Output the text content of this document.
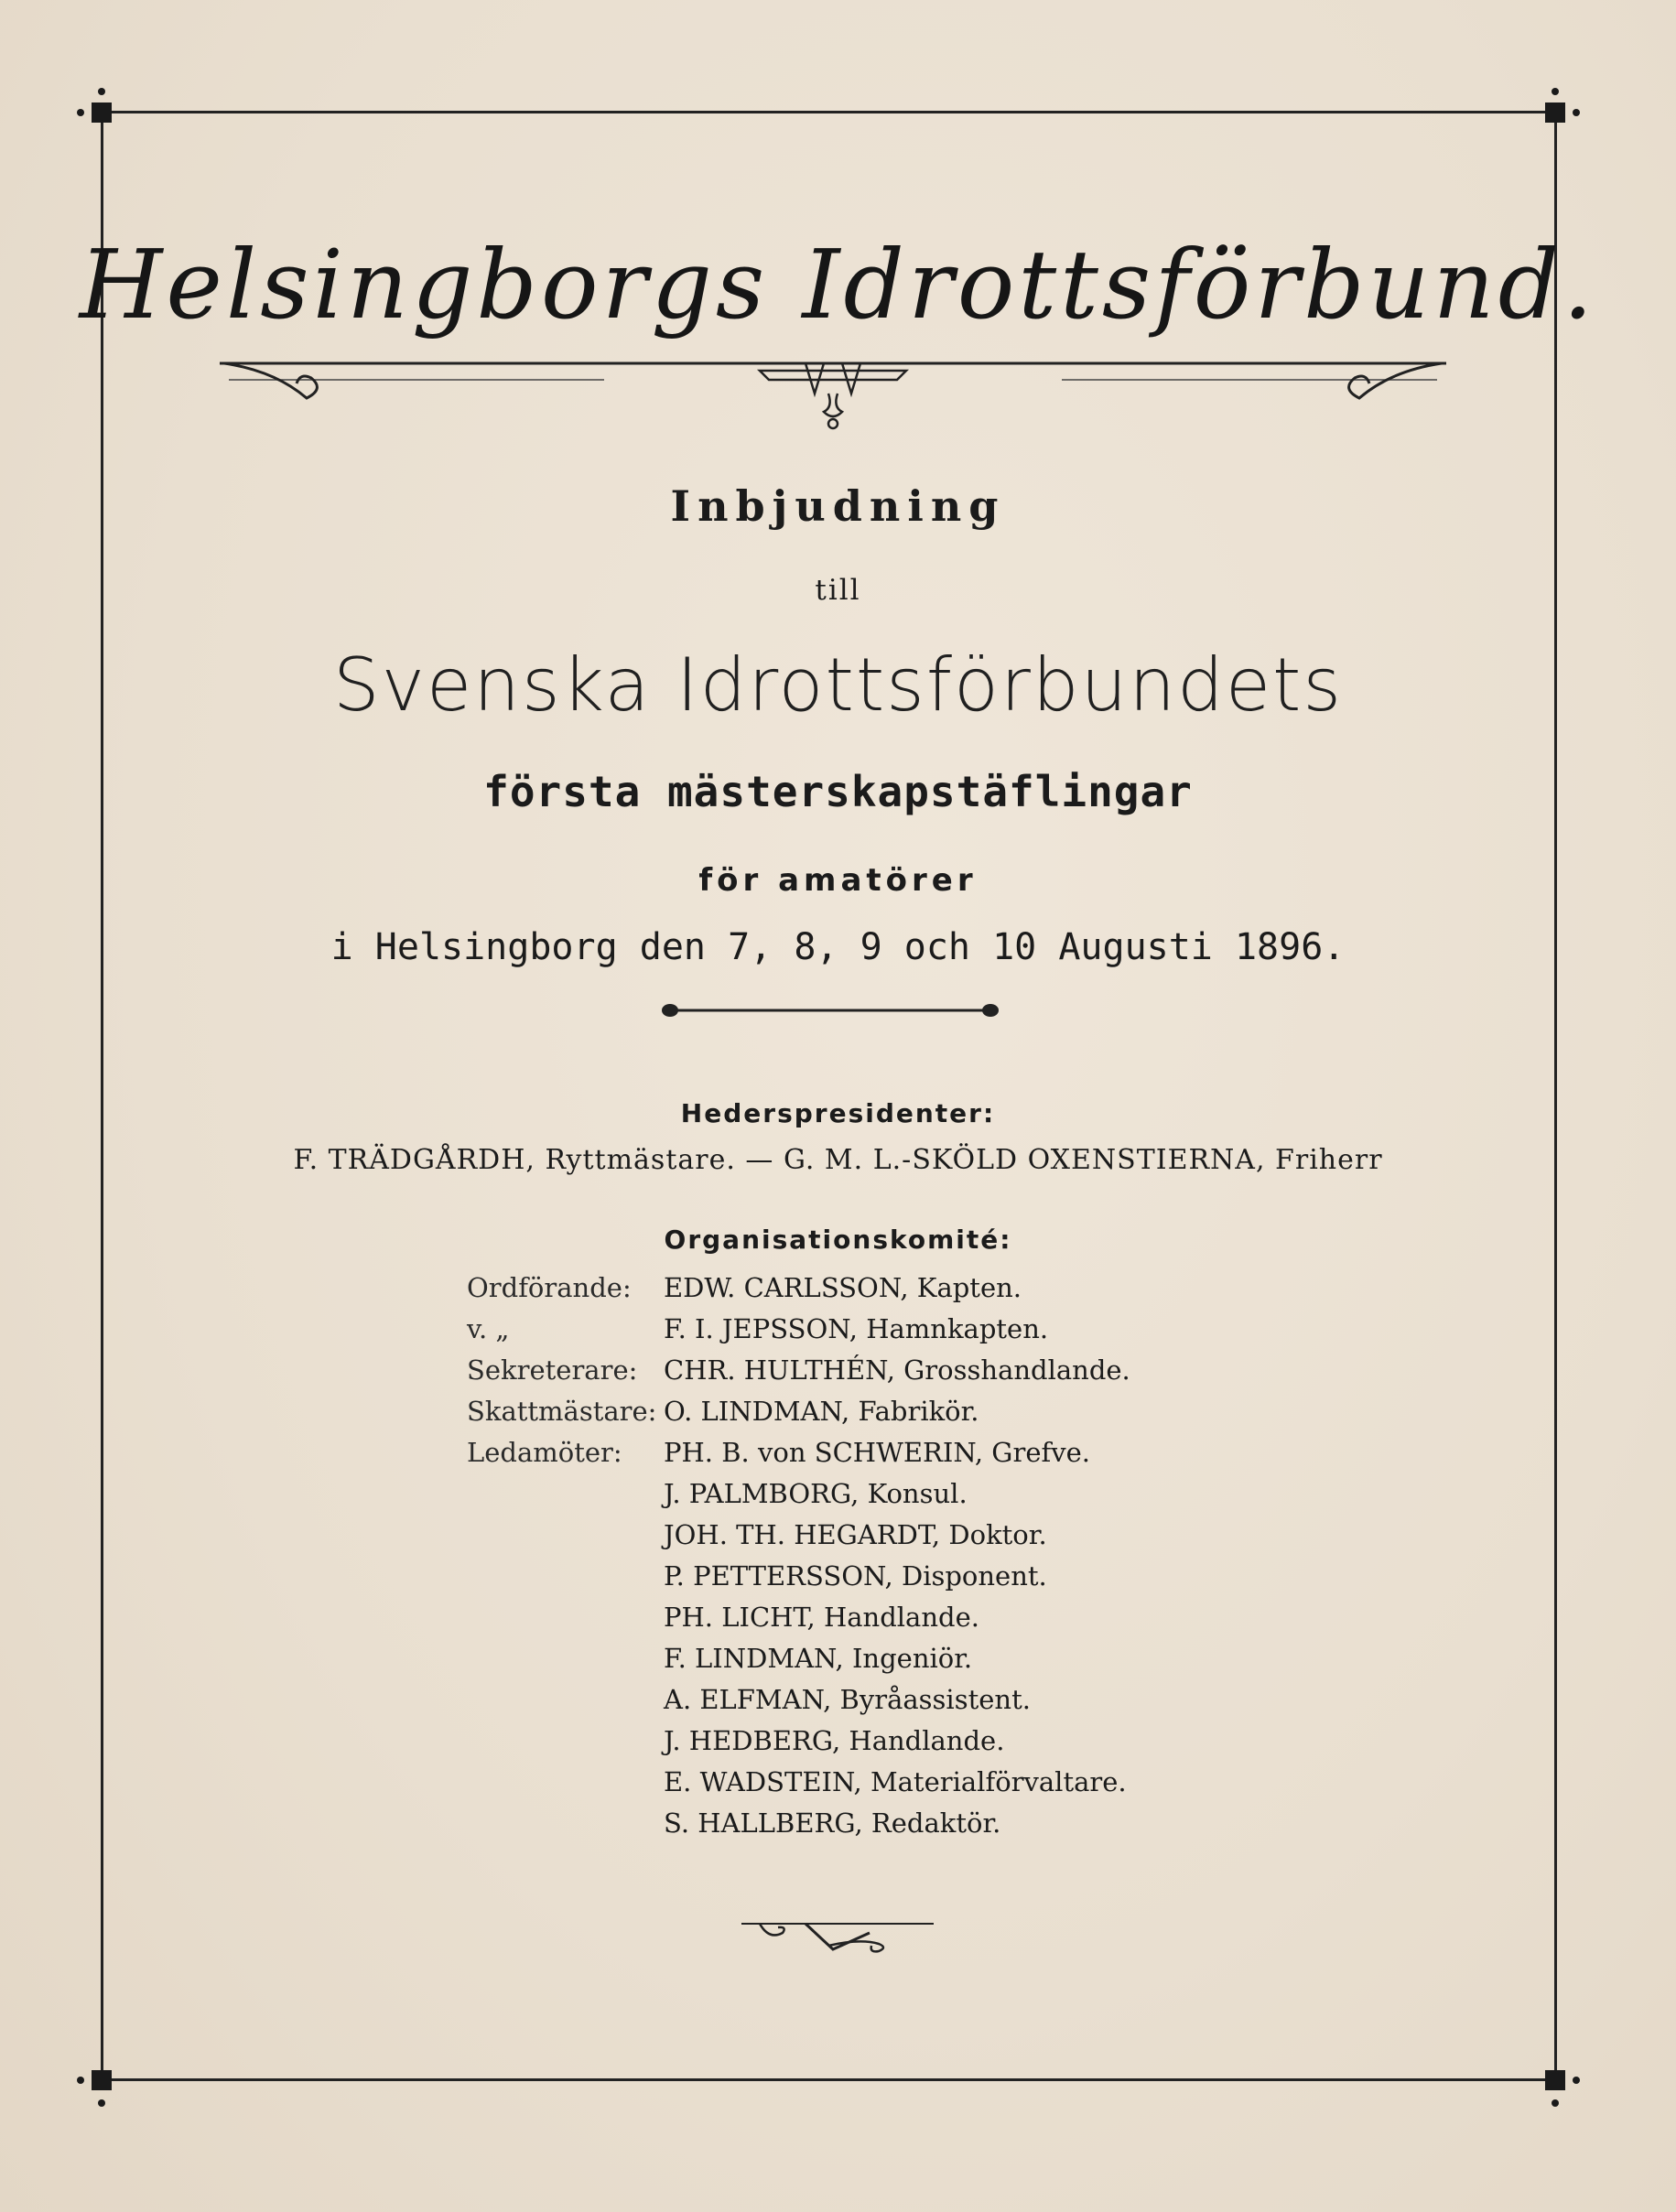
Helsingborgs Idrottsförbund.
Inbjudning
till
Svenska Idrottsförbundets
första mästerskapstäflingar
för amatörer
i Helsingborg den 7, 8, 9 och 10 Augusti 1896.
Hederspresidenter:
F. TRÄDGÅRDH, Ryttmästare. — G. M. L.-SKÖLD OXENSTIERNA, Friherr
Organisationskomité:
Ordförande:	EDW. CARLSSON, Kapten.
v. „	F. I. JEPSSON, Hamnkapten.
Sekreterare: CHR. HULTHÉN, Grosshandlande.
Skattmästare: O. LINDMAN, Fabrikör.
Ledamöter:	PH. B. von SCHWERIN, Grefve.
J. PALMBORG, Konsul.
JOH. TH. HEGARDT, Doktor.
P. PETTERSSON, Disponent.
PH. LICHT, Handlande.
F. LINDMAN, Ingeniör.
A. ELFMAN, Byråassistent.
J. HEDBERG, Handlande.
E. WADSTEIN, Materialförvaltare.
S. HALLBERG, Redaktör.
